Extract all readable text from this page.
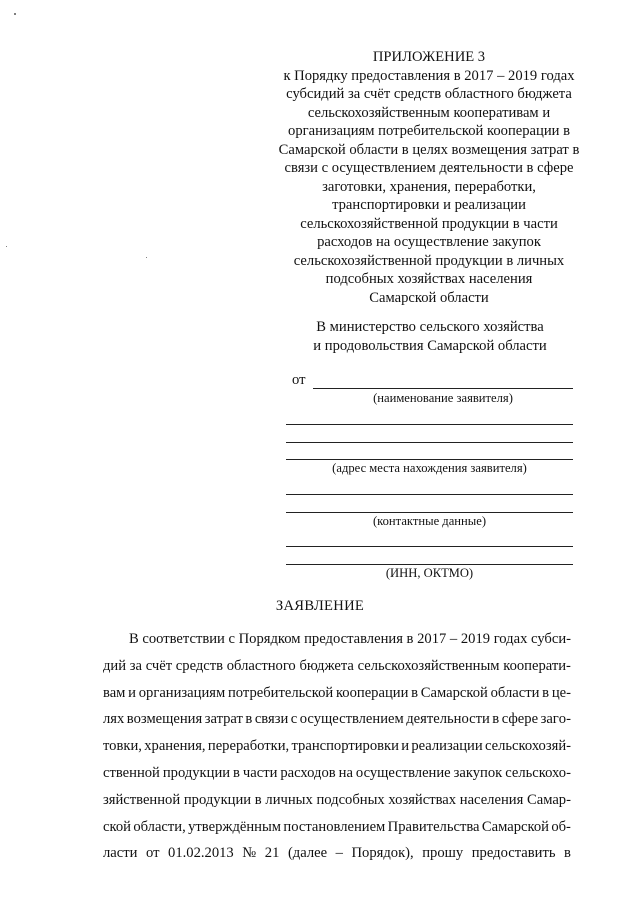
ПРИЛОЖЕНИЕ 3
к Порядку предоставления в 2017 – 2019 годах
субсидий за счёт средств областного бюджета
сельскохозяйственным кооперативам и
организациям потребительской кооперации в
Самарской области в целях возмещения затрат в
связи с осуществлением деятельности в сфере
заготовки, хранения, переработки,
транспортировки и реализации
сельскохозяйственной продукции в части
расходов на осуществление закупок
сельскохозяйственной продукции в личных
подсобных хозяйствах населения
Самарской области
В министерство сельского хозяйства
и продовольствия Самарской области
от
(наименование заявителя)
(адрес места нахождения заявителя)
(контактные данные)
(ИНН, ОКТМО)
ЗАЯВЛЕНИЕ
В соответствии с Порядком предоставления в 2017 – 2019 годах субси-
дий за счёт средств областного бюджета сельскохозяйственным кооперати-
вам и организациям потребительской кооперации в Самарской области в це-
лях возмещения затрат в связи с осуществлением деятельности в сфере загo-
товки, хранения, переработки, транспортировки и реализации сельскохозяй-
ственной продукции в части расходов на осуществление закупок сельскохо-
зяйственной продукции в личных подсобных хозяйствах населения Самар-
ской области, утверждённым постановлением Правительства Самарской об-
ласти от 01.02.2013 № 21 (далее – Порядок), прошу предоставить в
